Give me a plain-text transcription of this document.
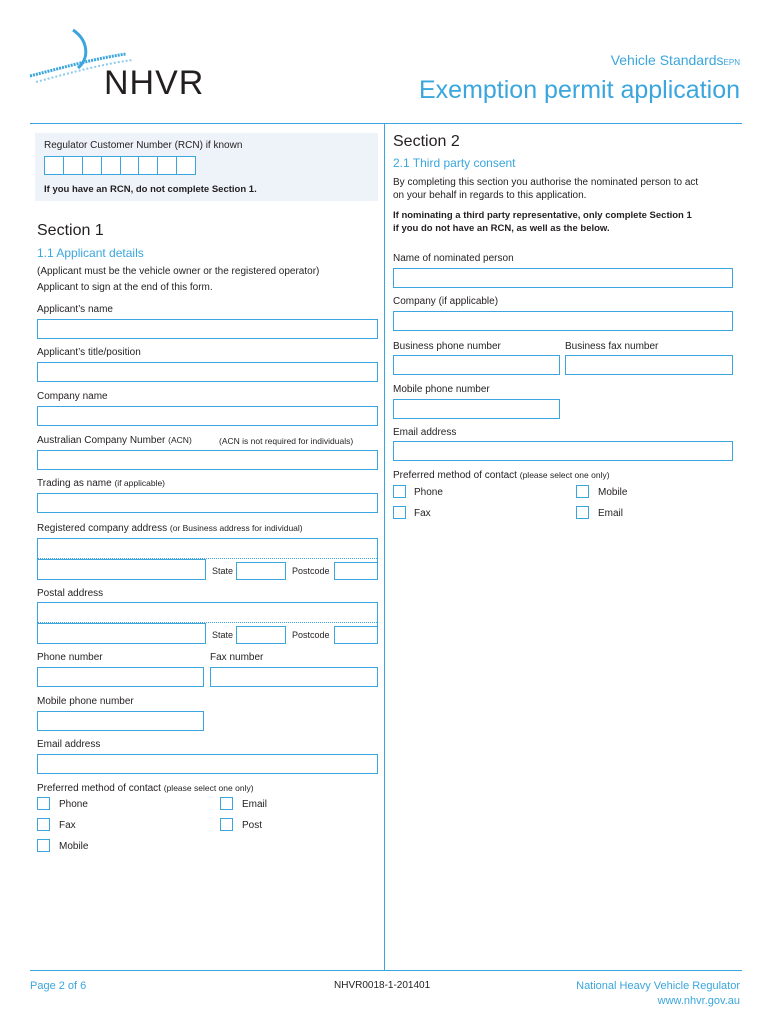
NHVR
Vehicle StandardsEPN
Exemption permit application
Regulator Customer Number (RCN) if known
If you have an RCN, do not complete Section 1.
Section 1
1.1 Applicant details
(Applicant must be the vehicle owner or the registered operator)
Applicant to sign at the end of this form.
Applicant’s name
Applicant’s title/position
Company name
Australian Company Number (ACN)	(ACN is not required for individuals)
Trading as name (if applicable)
Registered company address (or Business address for individual)
State	Postcode
Postal address
State	Postcode
Phone number	Fax number
Mobile phone number
Email address
Preferred method of contact (please select one only)
Phone	Email
Fax	Post
Mobile
Section 2
2.1 Third party consent
By completing this section you authorise the nominated person to act
on your behalf in regards to this application.
If nominating a third party representative, only complete Section 1
if you do not have an RCN, as well as the below.
Name of nominated person
Company (if applicable)
Business phone number	Business fax number
Mobile phone number
Email address
Preferred method of contact (please select one only)
Phone	Mobile
Fax	Email
Page 2 of 6	NHVR0018-1-201401	National Heavy Vehicle Regulator
www.nhvr.gov.au
